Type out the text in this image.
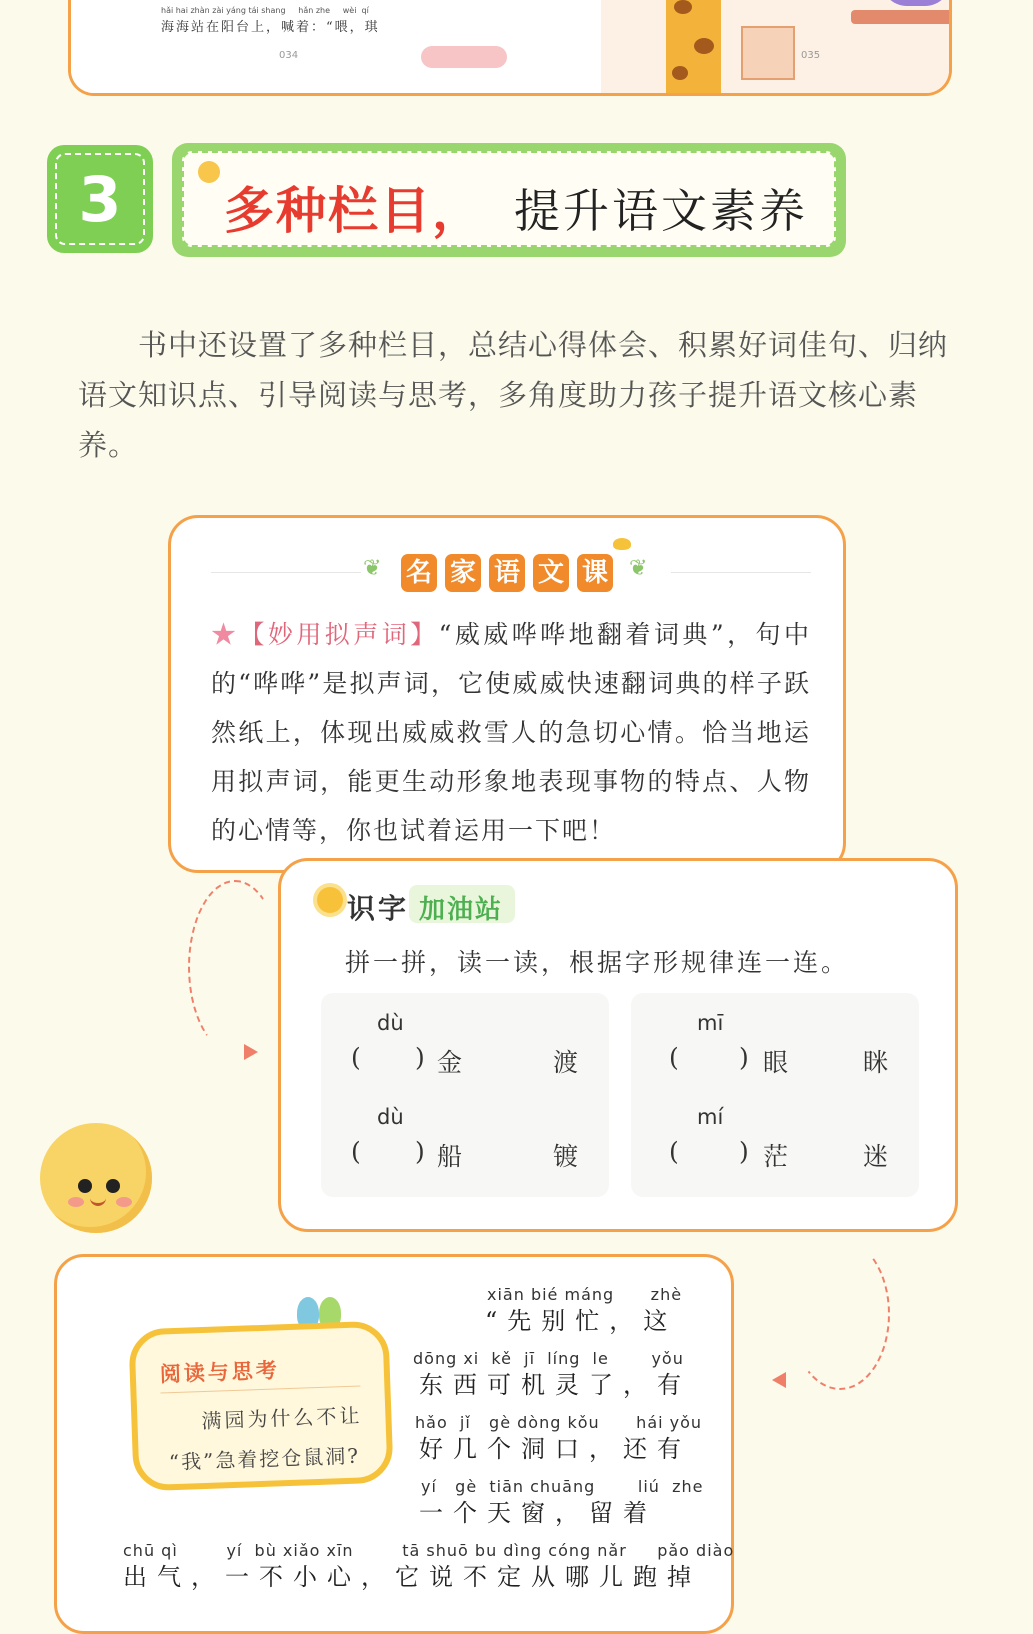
hǎi hai zhàn zài yáng tái shang     hǎn zhe     wèi  qí
海海站在阳台上，喊着：“喂，琪
034	035
3	多种栏目， 提升语文素养
书中还设置了多种栏目，总结心得体会、积累好词佳句、归纳语文知识点、引导阅读与思考，多角度助力孩子提升语文核心素养。
❦ 名 家 语 文 课 ❦
★【妙用拟声词】“威威哗哗地翻着词典”，句中的“哗哗”是拟声词，它使威威快速翻词典的样子跃然纸上，体现出威威救雪人的急切心情。恰当地运用拟声词，能更生动形象地表现事物的特点、人物的心情等，你也试着运用一下吧！
识字 加油站
拼一拼，读一读，根据字形规律连一连。
dù
( ) 金	渡
dù
( ) 船	镀
mī
( ) 眼	眯
mí
( ) 茫	迷
阅读与思考
满园为什么不让
“我”急着挖仓鼠洞?
xiān bié máng      zhè
“先别忙，这
dōng xi  kě  jī  líng  le       yǒu
东西可机灵了，有
hǎo  jǐ   gè dòng kǒu      hái yǒu
好几个洞口，还有
yí   gè  tiān chuāng       liú  zhe
一个天窗，留着
chū qì        yí  bù xiǎo xīn        tā shuō bu dìng cóng nǎr     pǎo diào
出气，一不小心，它说不定从哪儿跑掉
